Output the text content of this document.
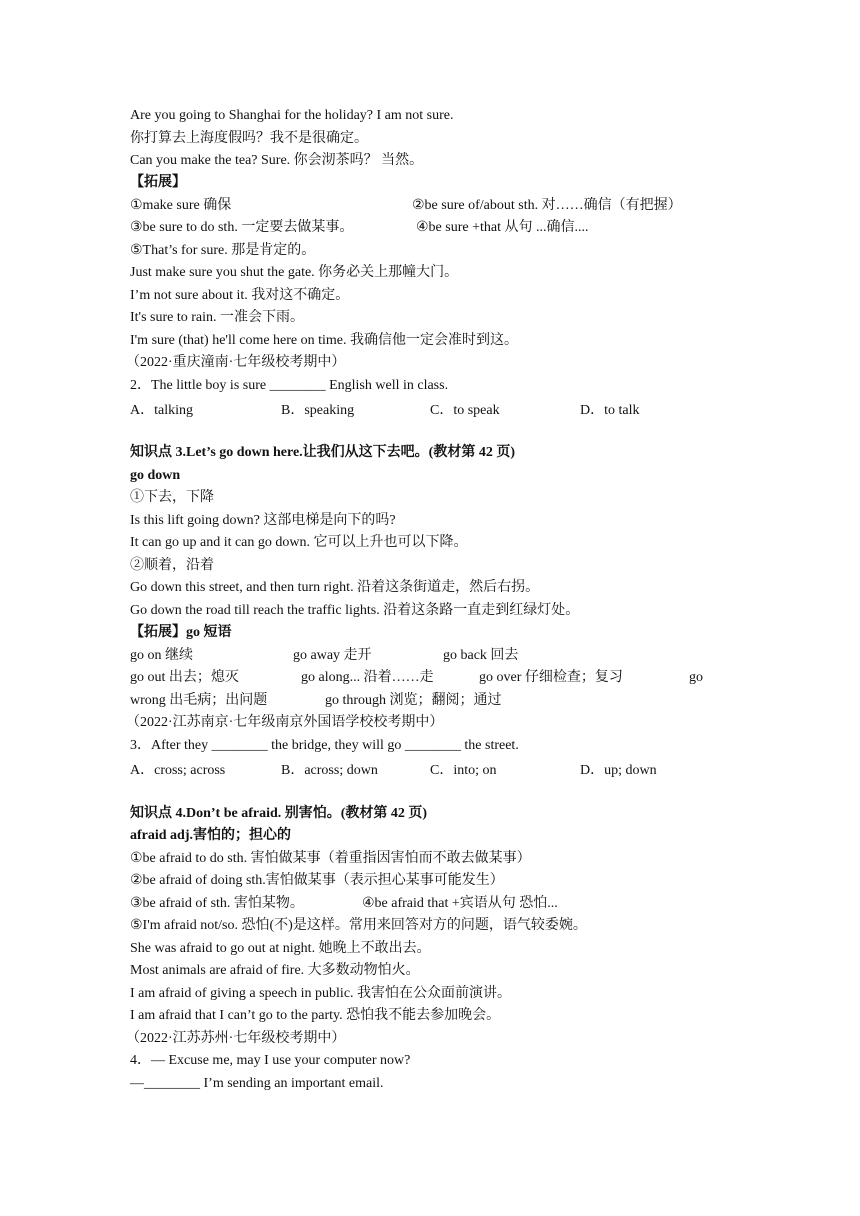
Are you going to Shanghai for the holiday? I am not sure.
你打算去上海度假吗？我不是很确定。
Can you make the tea? Sure. 你会沏茶吗？ 当然。
【拓展】
①make sure 确保	②be sure of/about sth. 对……确信（有把握）
③be sure to do sth. 一定要去做某事。	④be sure +that 从句 ...确信....
⑤That’s for sure. 那是肯定的。
Just make sure you shut the gate. 你务必关上那幢大门。
I’m not sure about it. 我对这不确定。
It's sure to rain. 一准会下雨。
I'm sure (that) he'll come here on time. 我确信他一定会准时到这。
（2022·重庆潼南·七年级校考期中）
2．The little boy is sure ________ English well in class.
A．talking	B．speaking	C．to speak	D．to talk
知识点 3.Let’s go down here.让我们从这下去吧。(教材第 42 页)
go down
①下去，下降
Is this lift going down? 这部电梯是向下的吗?
It can go up and it can go down. 它可以上升也可以下降。
②顺着，沿着
Go down this street, and then turn right. 沿着这条街道走，然后右拐。
Go down the road till reach the traffic lights. 沿着这条路一直走到红绿灯处。
【拓展】go 短语
go on 继续	go away 走开	go back 回去
go out 出去；熄灭	go along... 沿着……走	go over 仔细检查；复习	go
wrong 出毛病；出问题	go through 浏览；翻阅；通过
（2022·江苏南京·七年级南京外国语学校校考期中）
3．After they ________ the bridge, they will go ________ the street.
A．cross; across	B．across; down	C．into; on	D．up; down
知识点 4.Don’t be afraid. 别害怕。(教材第 42 页)
afraid adj.害怕的；担心的
①be afraid to do sth. 害怕做某事（着重指因害怕而不敢去做某事）
②be afraid of doing sth.害怕做某事（表示担心某事可能发生）
③be afraid of sth. 害怕某物。	④be afraid that +宾语从句 恐怕...
⑤I'm afraid not/so. 恐怕(不)是这样。常用来回答对方的问题，语气较委婉。
She was afraid to go out at night. 她晚上不敢出去。
Most animals are afraid of fire. 大多数动物怕火。
I am afraid of giving a speech in public. 我害怕在公众面前演讲。
I am afraid that I can’t go to the party. 恐怕我不能去参加晚会。
（2022·江苏苏州·七年级校考期中）
4．— Excuse me, may I use your computer now?
—________ I’m sending an important email.
